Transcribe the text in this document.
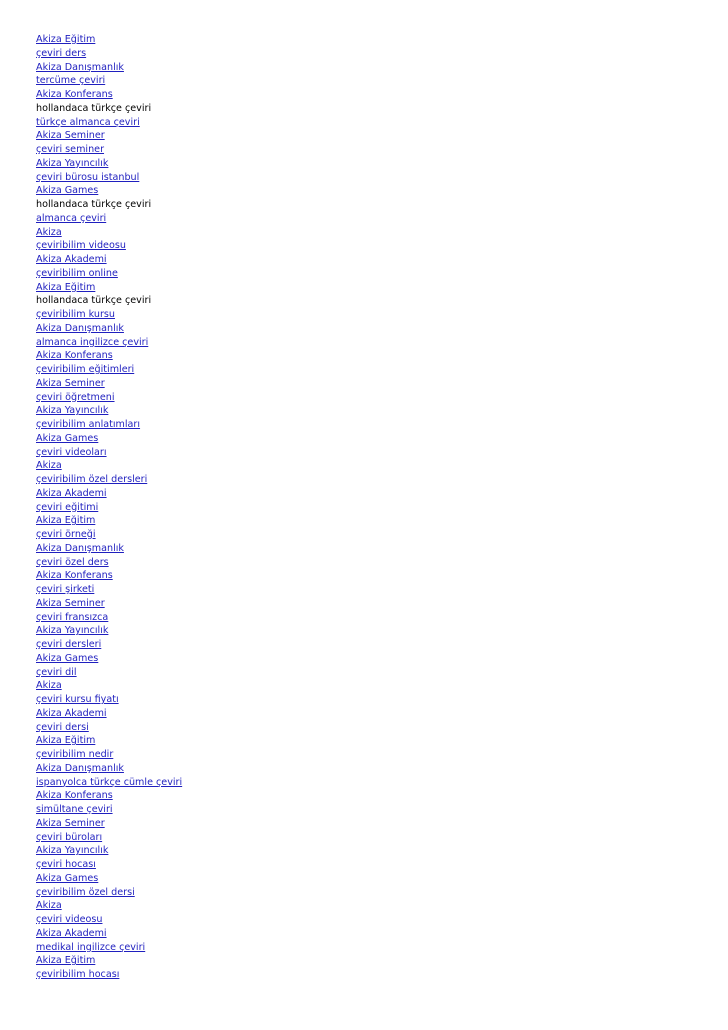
Akiza Eğitim
çeviri ders
Akiza Danışmanlık
tercüme çeviri
Akiza Konferans
hollandaca türkçe çeviri
türkçe almanca çeviri
Akiza Seminer
çeviri seminer
Akiza Yayıncılık
çeviri bürosu istanbul
Akiza Games
hollandaca türkçe çeviri
almanca çeviri
Akiza
çeviribilim videosu
Akiza Akademi
çeviribilim online
Akiza Eğitim
hollandaca türkçe çeviri
çeviribilim kursu
Akiza Danışmanlık
almanca ingilizce çeviri
Akiza Konferans
çeviribilim eğitimleri
Akiza Seminer
çeviri öğretmeni
Akiza Yayıncılık
çeviribilim anlatımları
Akiza Games
çeviri videoları
Akiza
çeviribilim özel dersleri
Akiza Akademi
çeviri eğitimi
Akiza Eğitim
çeviri örneği
Akiza Danışmanlık
çeviri özel ders
Akiza Konferans
çeviri şirketi
Akiza Seminer
çeviri fransızca
Akiza Yayıncılık
çeviri dersleri
Akiza Games
çeviri dil
Akiza
çeviri kursu fiyatı
Akiza Akademi
çeviri dersi
Akiza Eğitim
çeviribilim nedir
Akiza Danışmanlık
ispanyolca türkçe cümle çeviri
Akiza Konferans
simültane çeviri
Akiza Seminer
çeviri büroları
Akiza Yayıncılık
çeviri hocası
Akiza Games
çeviribilim özel dersi
Akiza
çeviri videosu
Akiza Akademi
medikal ingilizce çeviri
Akiza Eğitim
çeviribilim hocası
